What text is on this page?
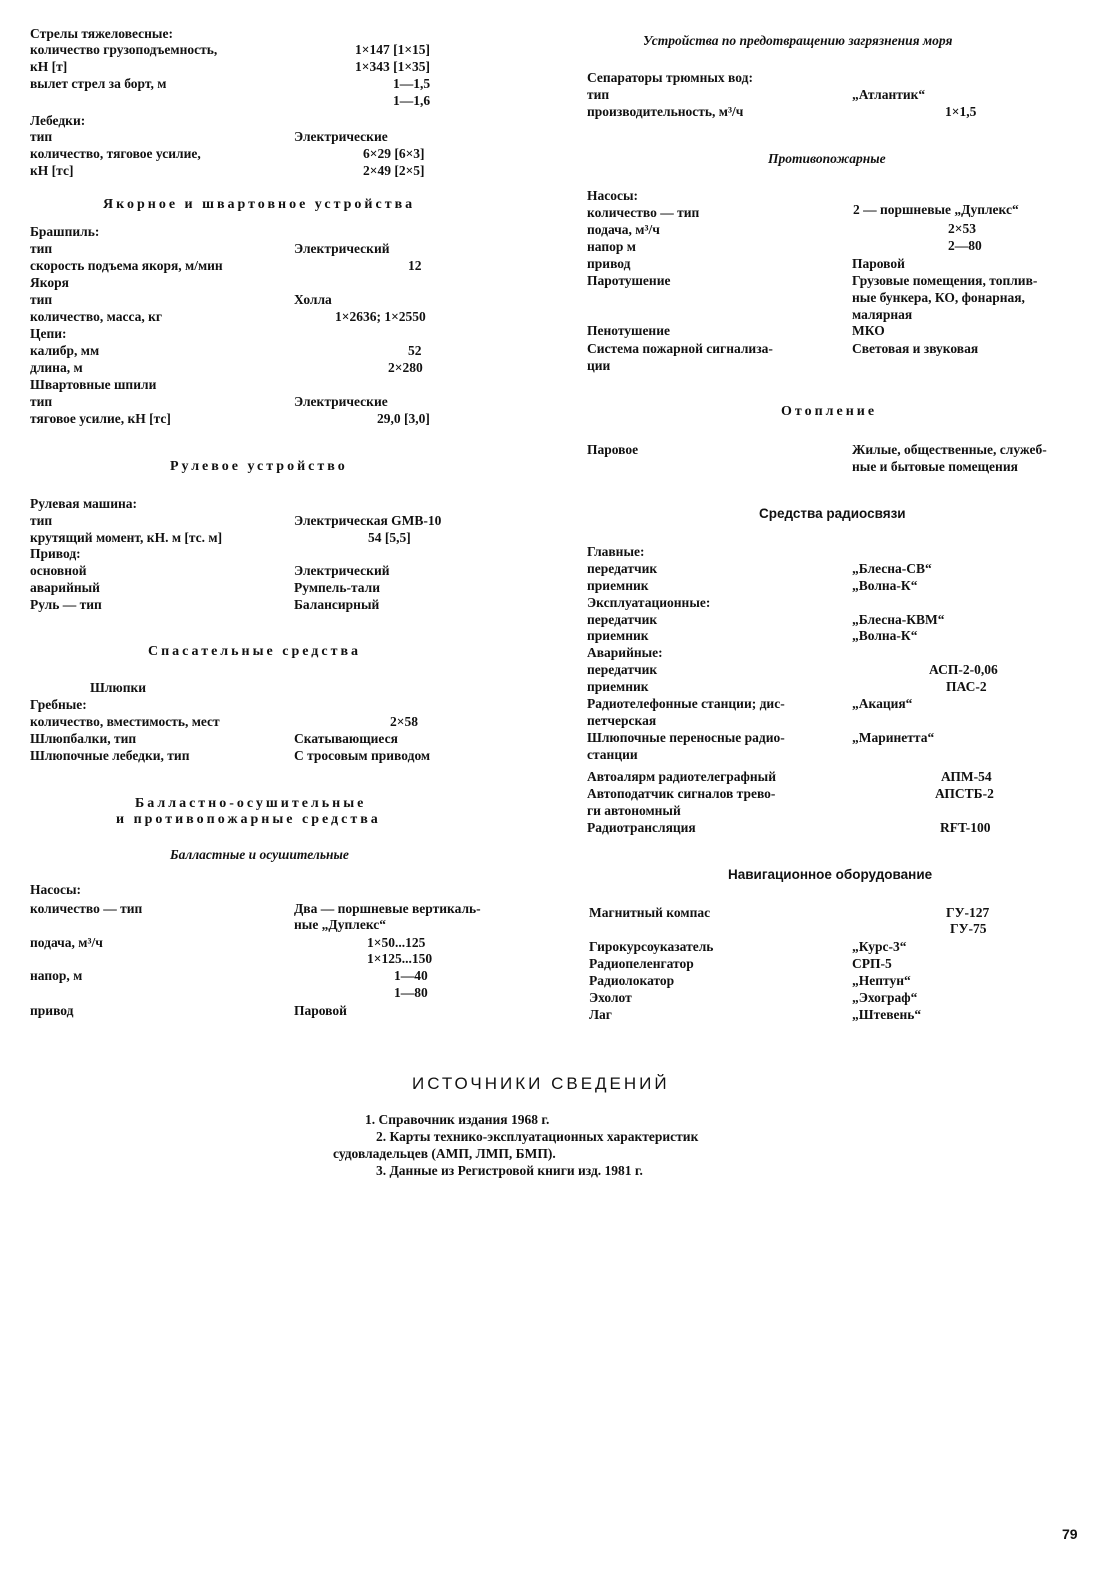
Стрелы тяжеловесные:
количество грузоподъемность,	1×147 [1×15]
кН [т]	1×343 [1×35]
вылет стрел за борт, м	1—1,5
1—1,6
Лебедки:
тип	Электрические
количество, тяговое усилие,	6×29 [6×3]
кН [тс]	2×49 [2×5]
Брашпиль:
тип	Электрический
скорость подъема якоря, м/мин	12
Якоря
тип	Холла
количество, масса, кг	1×2636; 1×2550
Цепи:
калибр, мм	52
длина, м	2×280
Швартовные шпили
тип	Электрические
тяговое усилие, кН [тс]	29,0 [3,0]
Рулевая машина:
тип	Электрическая GMB-10
крутящий момент, кН. м [тс. м]	54 [5,5]
Привод:
основной	Электрический
аварийный	Румпель-тали
Руль — тип	Балансирный
Шлюпки
Гребные:
количество, вместимость, мест	2×58
Шлюпбалки, тип	Скатывающиеся
Шлюпочные лебедки, тип	С тросовым приводом
Насосы:
количество — тип	Два — поршневые вертикаль-
ные „Дуплекс“
подача, м³/ч	1×50...125
1×125...150
напор, м	1—40
1—80
привод	Паровой
Сепараторы трюмных вод:
тип	„Атлантик“
производительность, м³/ч	1×1,5
Насосы:
количество — тип	2 — поршневые „Дуплекс“
подача, м³/ч	2×53
напор м	2—80
привод	Паровой
Паротушение	Грузовые помещения, топлив-
ные бункера, КО, фонарная,
малярная
Пенотушение	МКО
Система пожарной сигнализа-	Световая и звуковая
ции
Паровое	Жилые, общественные, служеб-
ные и бытовые помещения
Главные:
передатчик	„Блесна-СВ“
приемник	„Волна-К“
Эксплуатационные:
передатчик	„Блесна-КВМ“
приемник	„Волна-К“
Аварийные:
передатчик	АСП-2-0,06
приемник	ПАС-2
Радиотелефонные станции; дис-	„Акация“
петчерская
Шлюпочные переносные радио-	„Маринетта“
станции
Автоалярм радиотелеграфный	АПМ-54
Автоподатчик сигналов трево-	АПСТБ-2
ги автономный
Радиотрансляция	RFT-100
Магнитный компас	ГУ-127
ГУ-75
Гирокурсоуказатель	„Курс-3“
Радиопеленгатор	СРП-5
Радиолокатор	„Нептун“
Эхолот	„Эхограф“
Лаг	„Штевень“
Якорное и швартовное устройства
Рулевое устройство
Спасательные средства
Балластно-осушительные
и противопожарные средства
Балластные и осушительные
Устройства по предотвращению загрязнения моря
Противопожарные
Отопление
Средства радиосвязи
Навигационное оборудование
ИСТОЧНИКИ СВЕДЕНИЙ
1. Справочник издания 1968 г.
2. Карты технико-эксплуатационных характеристик
судовладельцев (АМП, ЛМП, БМП).
3. Данные из Регистровой книги изд. 1981 г.
79
